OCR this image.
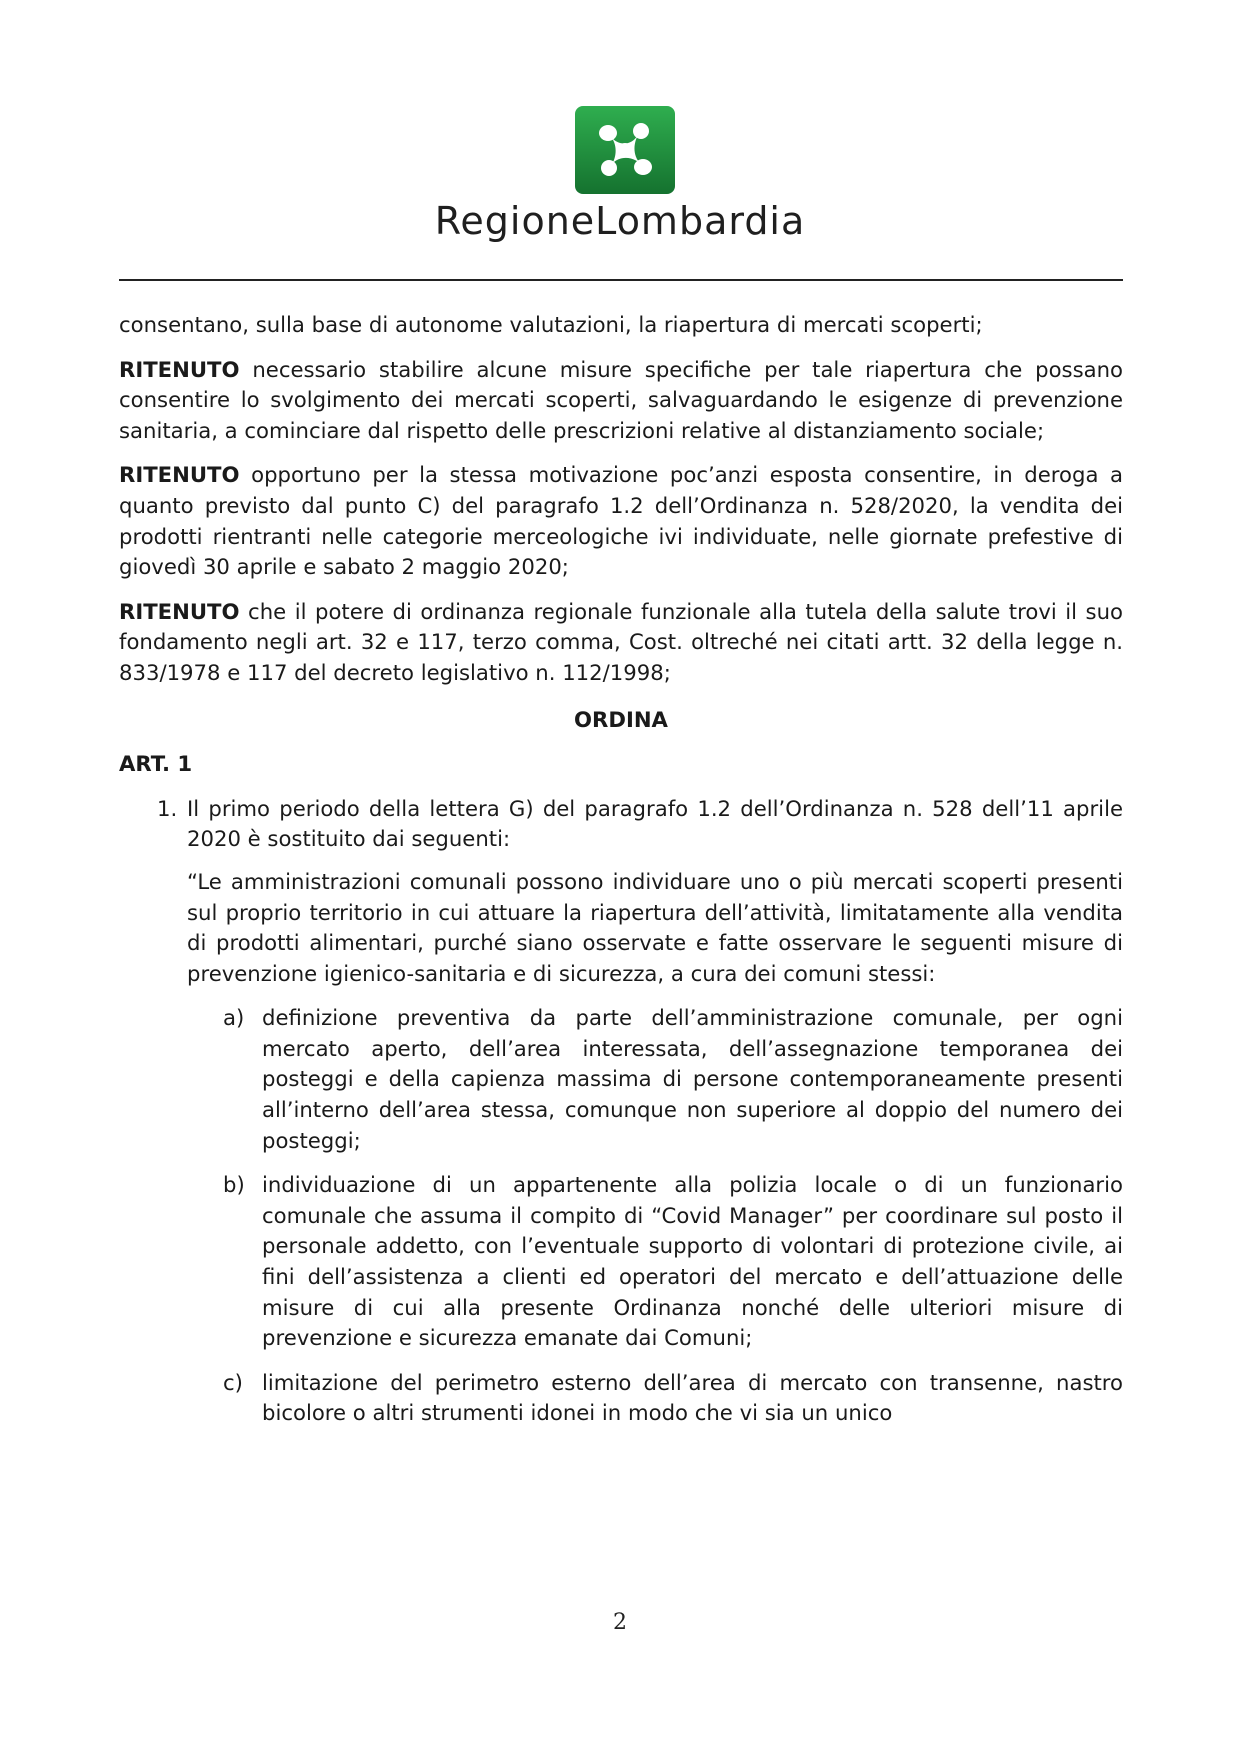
RegioneLombardia

consentano, sulla base di autonome valutazioni, la riapertura di mercati scoperti;

RITENUTO necessario stabilire alcune misure specifiche per tale riapertura che possano consentire lo svolgimento dei mercati scoperti, salvaguardando le esigenze di prevenzione sanitaria, a cominciare dal rispetto delle prescrizioni relative al distanziamento sociale;

RITENUTO opportuno per la stessa motivazione poc’anzi esposta consentire, in deroga a quanto previsto dal punto C) del paragrafo 1.2 dell’Ordinanza n. 528/2020, la vendita dei prodotti rientranti nelle categorie merceologiche ivi individuate, nelle giornate prefestive di giovedì 30 aprile e sabato 2 maggio 2020;

RITENUTO che il potere di ordinanza regionale funzionale alla tutela della salute trovi il suo fondamento negli art. 32 e 117, terzo comma, Cost. oltreché nei citati artt. 32 della legge n. 833/1978 e 117 del decreto legislativo n. 112/1998;

ORDINA

ART. 1

1. Il primo periodo della lettera G) del paragrafo 1.2 dell’Ordinanza n. 528 dell’11 aprile 2020 è sostituito dai seguenti:
“Le amministrazioni comunali possono individuare uno o più mercati scoperti presenti sul proprio territorio in cui attuare la riapertura dell’attività, limitatamente alla vendita di prodotti alimentari, purché siano osservate e fatte osservare le seguenti misure di prevenzione igienico-sanitaria e di sicurezza, a cura dei comuni stessi:
a) definizione preventiva da parte dell’amministrazione comunale, per ogni mercato aperto, dell’area interessata, dell’assegnazione temporanea dei posteggi e della capienza massima di persone contemporaneamente presenti all’interno dell’area stessa, comunque non superiore al doppio del numero dei posteggi;
b) individuazione di un appartenente alla polizia locale o di un funzionario comunale che assuma il compito di “Covid Manager” per coordinare sul posto il personale addetto, con l’eventuale supporto di volontari di protezione civile, ai fini dell’assistenza a clienti ed operatori del mercato e dell’attuazione delle misure di cui alla presente Ordinanza nonché delle ulteriori misure di prevenzione e sicurezza emanate dai Comuni;
c) limitazione del perimetro esterno dell’area di mercato con transenne, nastro bicolore o altri strumenti idonei in modo che vi sia un unico
2
